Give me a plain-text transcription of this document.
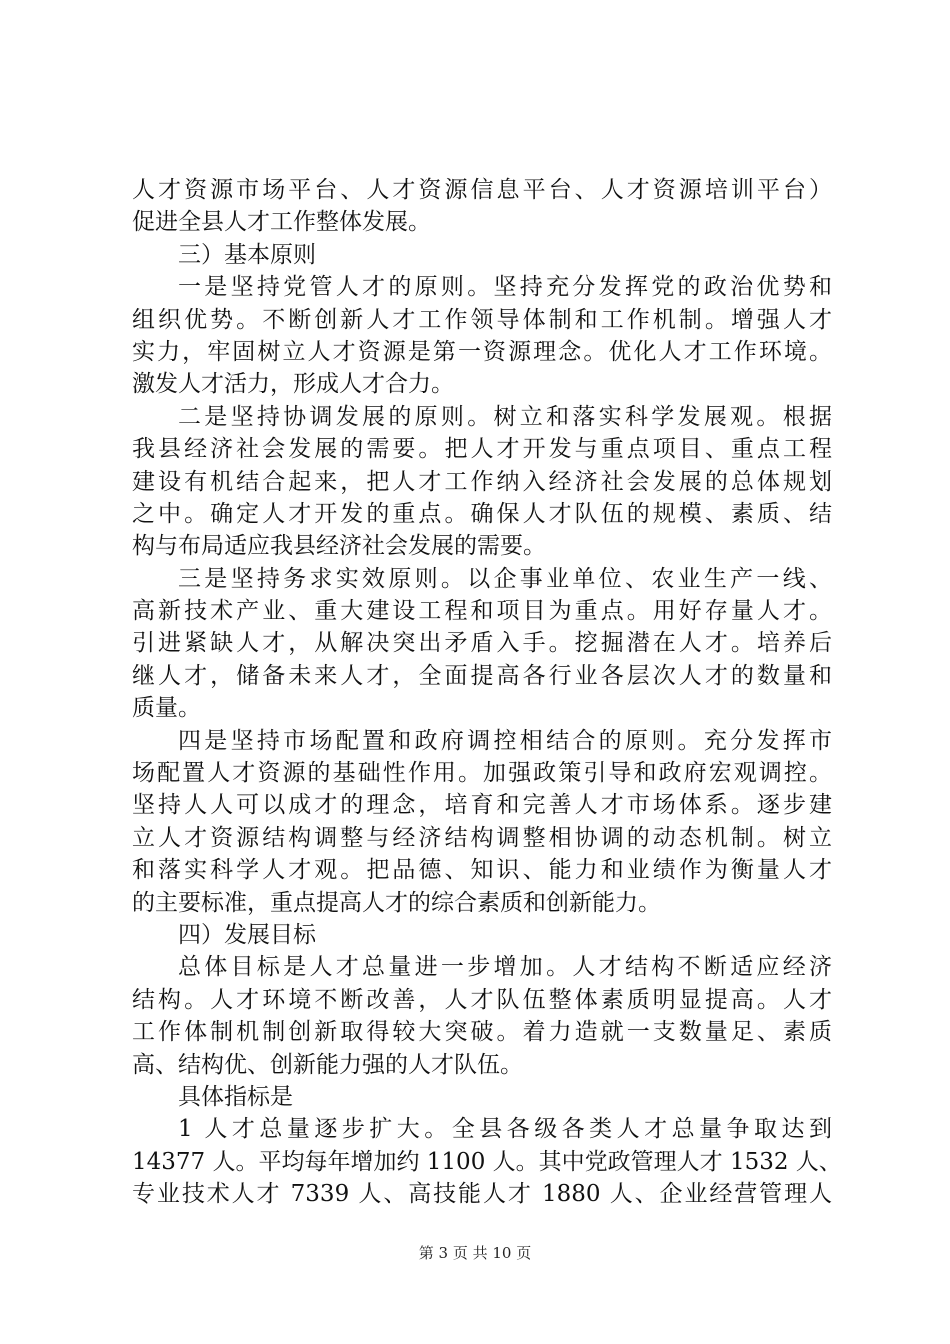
人才资源市场平台、人才资源信息平台、人才资源培训平台）
促进全县人才工作整体发展。
三）基本原则
一是坚持党管人才的原则。坚持充分发挥党的政治优势和
组织优势。不断创新人才工作领导体制和工作机制。增强人才
实力，牢固树立人才资源是第一资源理念。优化人才工作环境。
激发人才活力，形成人才合力。
二是坚持协调发展的原则。树立和落实科学发展观。根据
我县经济社会发展的需要。把人才开发与重点项目、重点工程
建设有机结合起来，把人才工作纳入经济社会发展的总体规划
之中。确定人才开发的重点。确保人才队伍的规模、素质、结
构与布局适应我县经济社会发展的需要。
三是坚持务求实效原则。以企事业单位、农业生产一线、
高新技术产业、重大建设工程和项目为重点。用好存量人才。
引进紧缺人才，从解决突出矛盾入手。挖掘潜在人才。培养后
继人才，储备未来人才，全面提高各行业各层次人才的数量和
质量。
四是坚持市场配置和政府调控相结合的原则。充分发挥市
场配置人才资源的基础性作用。加强政策引导和政府宏观调控。
坚持人人可以成才的理念，培育和完善人才市场体系。逐步建
立人才资源结构调整与经济结构调整相协调的动态机制。树立
和落实科学人才观。把品德、知识、能力和业绩作为衡量人才
的主要标准，重点提高人才的综合素质和创新能力。
四）发展目标
总体目标是人才总量进一步增加。人才结构不断适应经济
结构。人才环境不断改善，人才队伍整体素质明显提高。人才
工作体制机制创新取得较大突破。着力造就一支数量足、素质
高、结构优、创新能力强的人才队伍。
具体指标是
1 人才总量逐步扩大。全县各级各类人才总量争取达到
14377 人。平均每年增加约 1100 人。其中党政管理人才 1532 人、
专业技术人才 7339 人、高技能人才 1880 人、企业经营管理人
第 3 页 共 10 页
